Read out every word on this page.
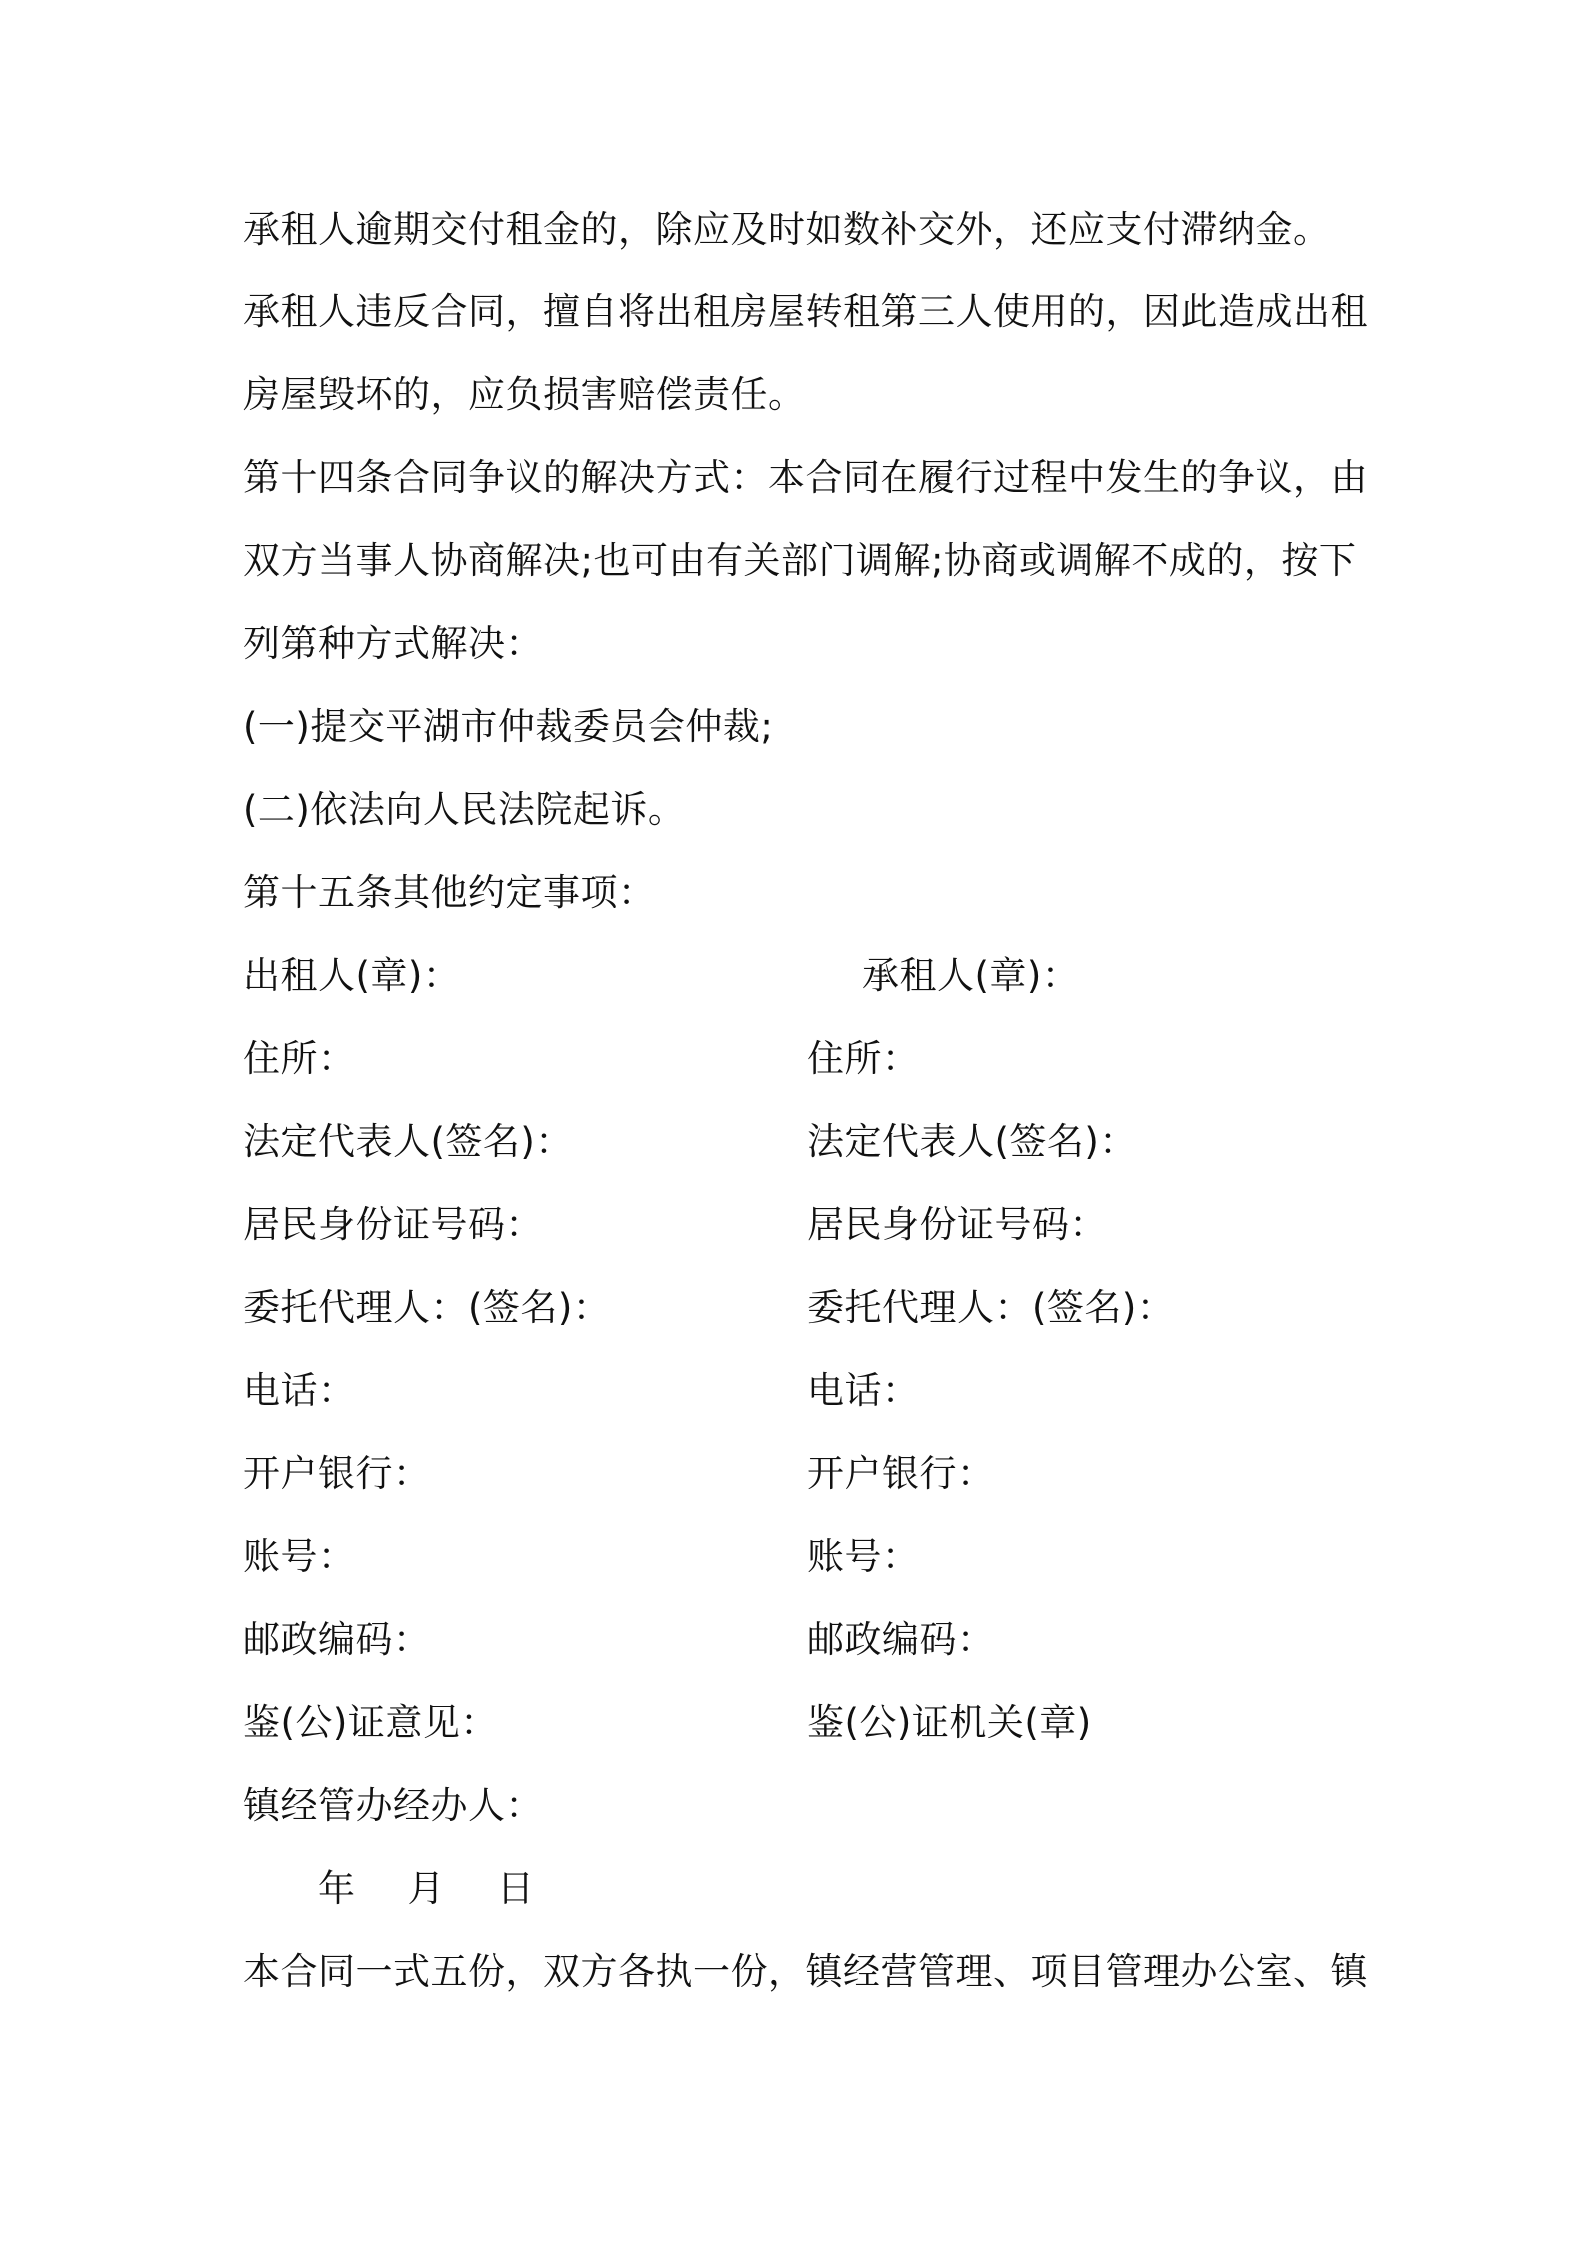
承租人逾期交付租金的，除应及时如数补交外，还应支付滞纳金。
承租人违反合同，擅自将出租房屋转租第三人使用的，因此造成出租
房屋毁坏的，应负损害赔偿责任。
第十四条合同争议的解决方式：本合同在履行过程中发生的争议，由
双方当事人协商解决;也可由有关部门调解;协商或调解不成的，按下
列第种方式解决：
(一)提交平湖市仲裁委员会仲裁;
(二)依法向人民法院起诉。
第十五条其他约定事项：
出租人(章)：	承租人(章)：
住所：	住所：
法定代表人(签名)：	法定代表人(签名)：
居民身份证号码：	居民身份证号码：
委托代理人：(签名)：	委托代理人：(签名)：
电话：	电话：
开户银行：	开户银行：
账号：	账号：
邮政编码：	邮政编码：
鉴(公)证意见：	鉴(公)证机关(章)
镇经管办经办人：
年 月 日
本合同一式五份，双方各执一份，镇经营管理、项目管理办公室、镇
